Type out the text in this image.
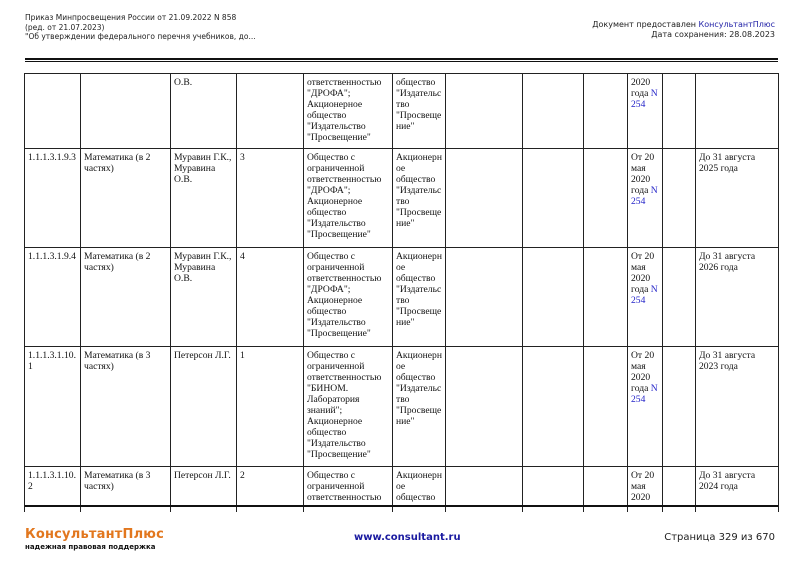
Приказ Минпросвещения России от 21.09.2022 N 858
(ред. от 21.07.2023)
"Об утверждении федерального перечня учебников, до...
Документ предоставлен КонсультантПлюс
Дата сохранения: 28.08.2023
		О.В.		ответственностью "ДРОФА"; Акционерное общество "Издательство "Просвещение"	общество "Издательство "Просвещение"				2020 года N 254		
1.1.1.3.1.9.3	Математика (в 2 частях)	Муравин Г.К., Муравина О.В.	3	Общество с ограниченной ответственностью "ДРОФА"; Акционерное общество "Издательство "Просвещение"	Акционерное общество "Издательство "Просвещение"				От 20 мая 2020 года N 254		До 31 августа 2025 года
1.1.1.3.1.9.4	Математика (в 2 частях)	Муравин Г.К., Муравина О.В.	4	Общество с ограниченной ответственностью "ДРОФА"; Акционерное общество "Издательство "Просвещение"	Акционерное общество "Издательство "Просвещение"				От 20 мая 2020 года N 254		До 31 августа 2026 года
1.1.1.3.1.10.1	Математика (в 3 частях)	Петерсон Л.Г.	1	Общество с ограниченной ответственностью "БИНОМ. Лаборатория знаний"; Акционерное общество "Издательство "Просвещение"	Акционерное общество "Издательство "Просвещение"				От 20 мая 2020 года N 254		До 31 августа 2023 года
1.1.1.3.1.10.2	Математика (в 3 частях)	Петерсон Л.Г.	2	Общество с ограниченной ответственностью	Акционерное общество				От 20 мая 2020		До 31 августа 2024 года
КонсультантПлюс
надежная правовая поддержка
www.consultant.ru	Страница 329 из 670
